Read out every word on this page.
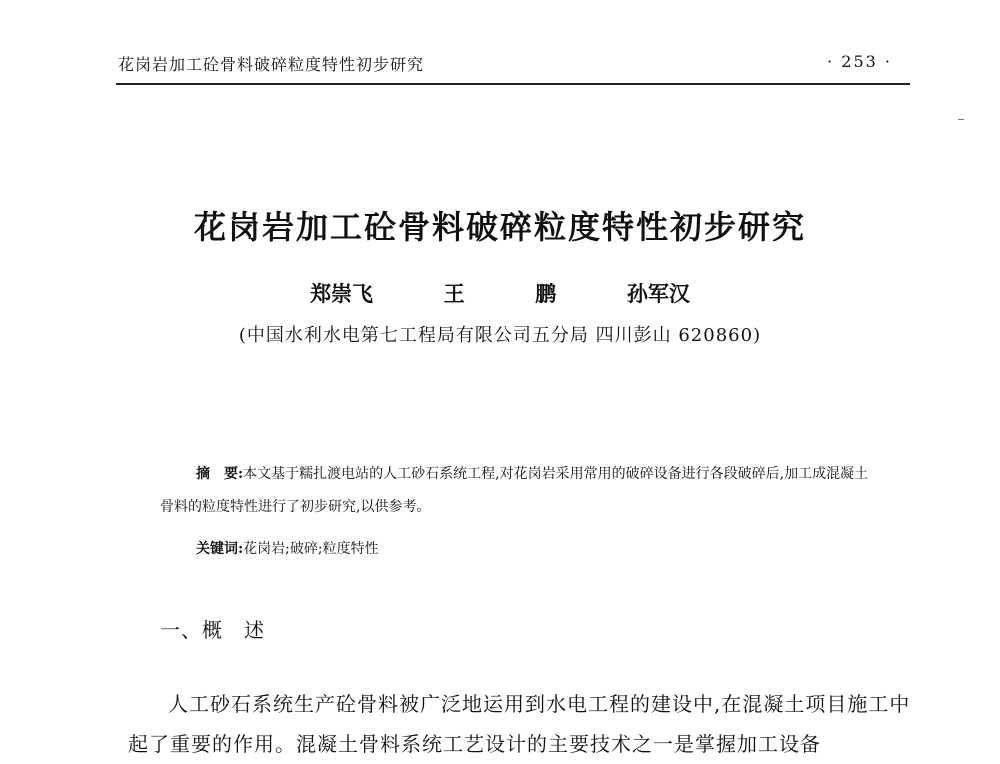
花岗岩加工砼骨料破碎粒度特性初步研究	· 253 ·
花岗岩加工砼骨料破碎粒度特性初步研究
郑崇飞  王  鹏  孙军汉
(中国水利水电第七工程局有限公司五分局 四川彭山 620860)

摘　要:本文基于糯扎渡电站的人工砂石系统工程,对花岗岩采用常用的破碎设备进行各段破碎后,加工成混凝土骨料的粒度特性进行了初步研究,以供参考。

关键词:花岗岩;破碎;粒度特性
一、概　述

人工砂石系统生产砼骨料被广泛地运用到水电工程的建设中,在混凝土项目施工中起了重要的作用。混凝土骨料系统工艺设计的主要技术之一是掌握加工设备
